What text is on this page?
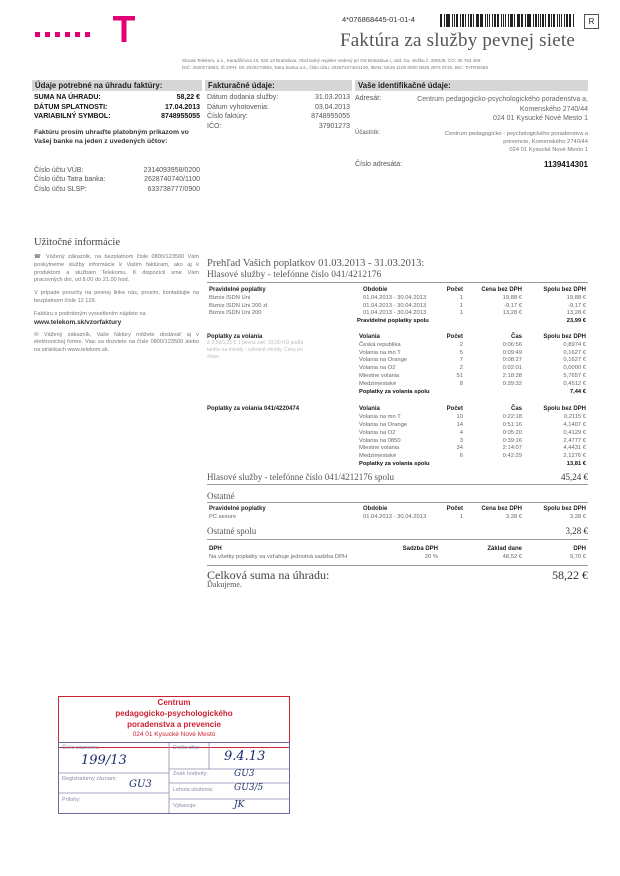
4*076868445-01-01-4	R
Faktúra za služby pevnej siete
Slovak Telekom, a.s., Karadžičova 10, 825 13 Bratislava, Obchodný register vedený pri OS Bratislava I, odd. Sa, vložka č. 2081/B, ČO: 35 763 469
DIČ: 2020273893, IČ DPH: SK 2020273893, Tatra banka a.s., číslo účtu: 2628740740/1100, IBAN: SK26 1100 0000 0026 2874 0740, BIC: TATRSKBX
Údaje potrebné na úhradu faktúry:
SUMA NA ÚHRADU:	58,22 €
DÁTUM SPLATNOSTI:	17.04.2013
VARIABILNÝ SYMBOL:	8748955055
Faktúru prosím uhraďte platobným príkazom vo Vašej banke na jeden z uvedených účtov:
Číslo účtu VÚB:	2314093958/0200
Číslo účtu Tatra banka:	2628740740/1100
Číslo účtu SLSP:	633738777/0900
Fakturačné údaje:
Dátum dodania služby:	31.03.2013
Dátum vyhotovenia:	03.04.2013
Číslo faktúry:	8748955055
IČO:	37901273
Vaše identifikačné údaje:
Adresát:	Centrum pedagogicko-psychologického poradenstva a,
Komenského 2740/44
024 01 Kysucké Nové Mesto 1
Účastník:	Centrum pedagogicko - psychologického poradenstva a
prevencie, Komenského 2740/44
024 01 Kysucké Nové Mesto 1
Číslo adresáta:	1139414301
Užitočné informácie
☎ Vážený zákazník, na bezplatnom čísle 0800/123500 Vám poskytneme služby informácie k Vašim faktúram, ako aj k produktom a službám Telekomu. K dispozícii sme Vám pracovných dni, od 8.00 do 21.00 hod.
V prípade poruchy na pevnej linke nás, prosím, kontaktujte na bezplatnom čísle 12 129.
Faktúru s podrobným vysvetlením nájdete na
www.telekom.sk/vzorfaktury
✉ Vážený zákazník, Vaše faktúry môžete dostávať aj v elektronickej forme. Viac sa dozviete na čísle 0800/123500 alebo na stránkach www.telekom.sk.
Prehľad Vašich poplatkov 01.03.2013 - 31.03.2013:
Hlasové služby - telefónne číslo 041/4212176
Pravidelné poplatky	Obdobie	Počet	Cena bez DPH	Spolu bez DPH
Biznis ISDN Uni	01.04.2013 - 30.04.2013	1	19,88 €	19,88 €
Biznis ISDN Uni 200 zl.	01.04.2013 - 30.04.2013	1	-9,17 €	-9,17 €
Biznis ISDN Uni 200	01.04.2013 - 30.04.2013	1	13,28 €	13,28 €
Pravidelné poplatky spolu				23,99 €
Poplatky za volania
Z 2,58/1,21 € 1 pevná sieť, 03,00 HÚ podľa tarifov za minúty - vybrané minúty. Ceny po zľave.
Volania	Počet	Čas	Spolu bez DPH
Česká republika	2	0:06:56	0,8974 €
Volania na mo T	5	0:09:49	0,1627 €
Volania na Orange	7	0:08:27	0,1627 €
Volania na O2	2	0:02:01	0,0000 €
Miestne volania	51	2:18:38	5,7657 €
Medzimestské	8	0:39:32	0,4512 €
Poplatky za volania spolu			7,44 €
Poplatky za volania 041/4220474	Volania	Počet	Čas	Spolu bez DPH
Volania na mo T	10	0:22:18	0,2115 €
Volania na Orange	14	0:51:16	4,1407 €
Volania na O2	4	0:05:20	0,4129 €
Volania na 0850	3	0:39:16	2,4777 €
Miestne volania	34	2:14:07	4,4431 €
Medzimestské	6	0:42:29	2,1276 €
Poplatky za volania spolu			13,81 €
Hlasové služby - telefónne číslo 041/4212176 spolu	45,24 €
Ostatné
Pravidelné poplatky	Obdobie	Počet	Cena bez DPH	Spolu bez DPH
PC sesure	01.04.2013 - 30.04.2013	1	3,28 €	3,28 €
Ostatné spolu	3,28 €
DPH	Sadzba DPH	Základ dane	DPH
Na všetky poplatky sa vzťahuje jednotná sadzba DPH	20 %	48,52 €	9,70 €
Celková suma na úhradu:	58,22 €
Ďakujeme.
Centrum
pedagogicko-psychologického
poradenstva a prevencie
024 01 Kysucké Nové Mesto
Číslo záznamu:
199/13
Došlo dňa:
9.4.13
Registratúrny záznam: GU3
Prílohy:
Znak hodnoty:	GU3
Lehota uloženia: GU3/5
Vybavuje:	JK
